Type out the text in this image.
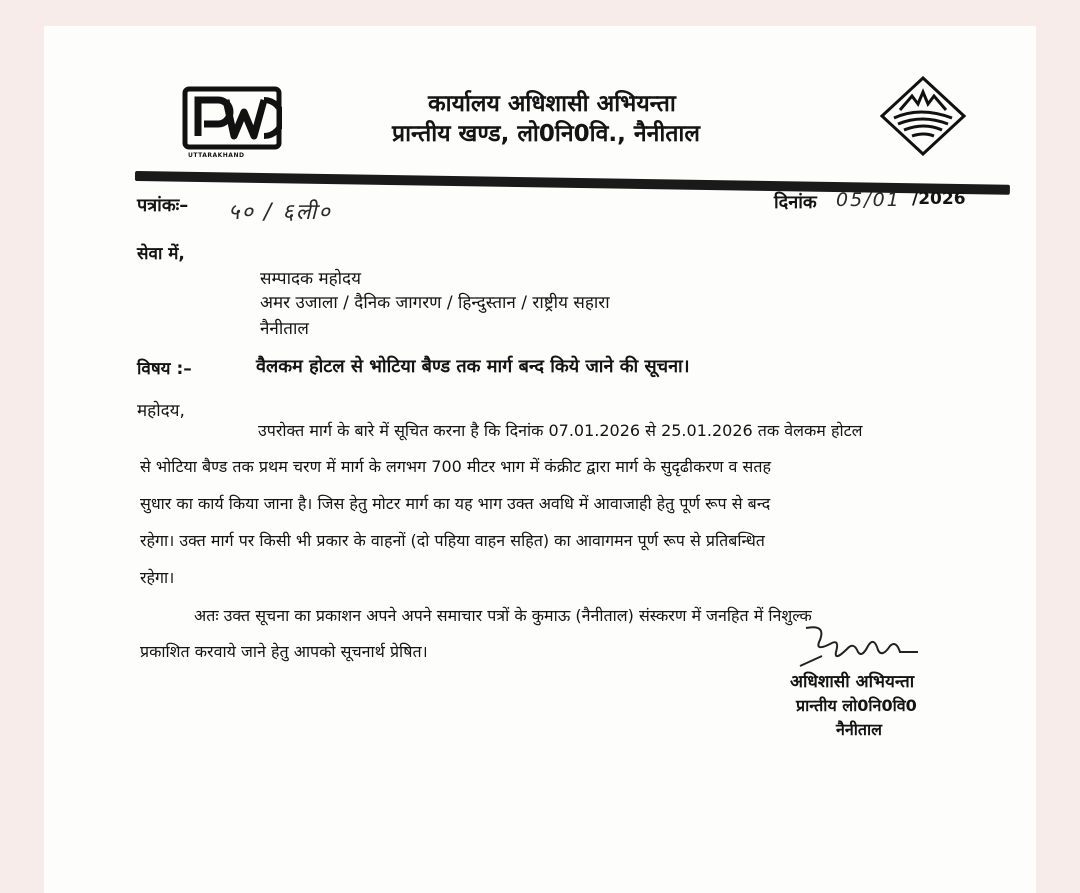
UTTARAKHAND
कार्यालय अधिशासी अभियन्ता
प्रान्तीय खण्ड, लो0नि0वि., नैनीताल
पत्रांकः– ५० / ६ली०	दिनांक 05/01 /2026
सेवा में,
सम्पादक महोदय
अमर उजाला / दैनिक जागरण / हिन्दुस्तान / राष्ट्रीय सहारा
नैनीताल
विषय :–	वैलकम होटल से भोटिया बैण्ड तक मार्ग बन्द किये जाने की सूचना।
महोदय,
उपरोक्त मार्ग के बारे में सूचित करना है कि दिनांक 07.01.2026 से 25.01.2026 तक वेलकम होटल
से भोटिया बैण्ड तक प्रथम चरण में मार्ग के लगभग 700 मीटर भाग में कंक्रीट द्वारा मार्ग के सुदृढीकरण व सतह
सुधार का कार्य किया जाना है। जिस हेतु मोटर मार्ग का यह भाग उक्त अवधि में आवाजाही हेतु पूर्ण रूप से बन्द
रहेगा। उक्त मार्ग पर किसी भी प्रकार के वाहनों (दो पहिया वाहन सहित) का आवागमन पूर्ण रूप से प्रतिबन्धित
रहेगा।
अतः उक्त सूचना का प्रकाशन अपने अपने समाचार पत्रों के कुमाऊ (नैनीताल) संस्करण में जनहित में निशुल्क
प्रकाशित करवाये जाने हेतु आपको सूचनार्थ प्रेषित।
अधिशासी अभियन्ता
प्रान्तीय लो0नि0वि0
नैनीताल
